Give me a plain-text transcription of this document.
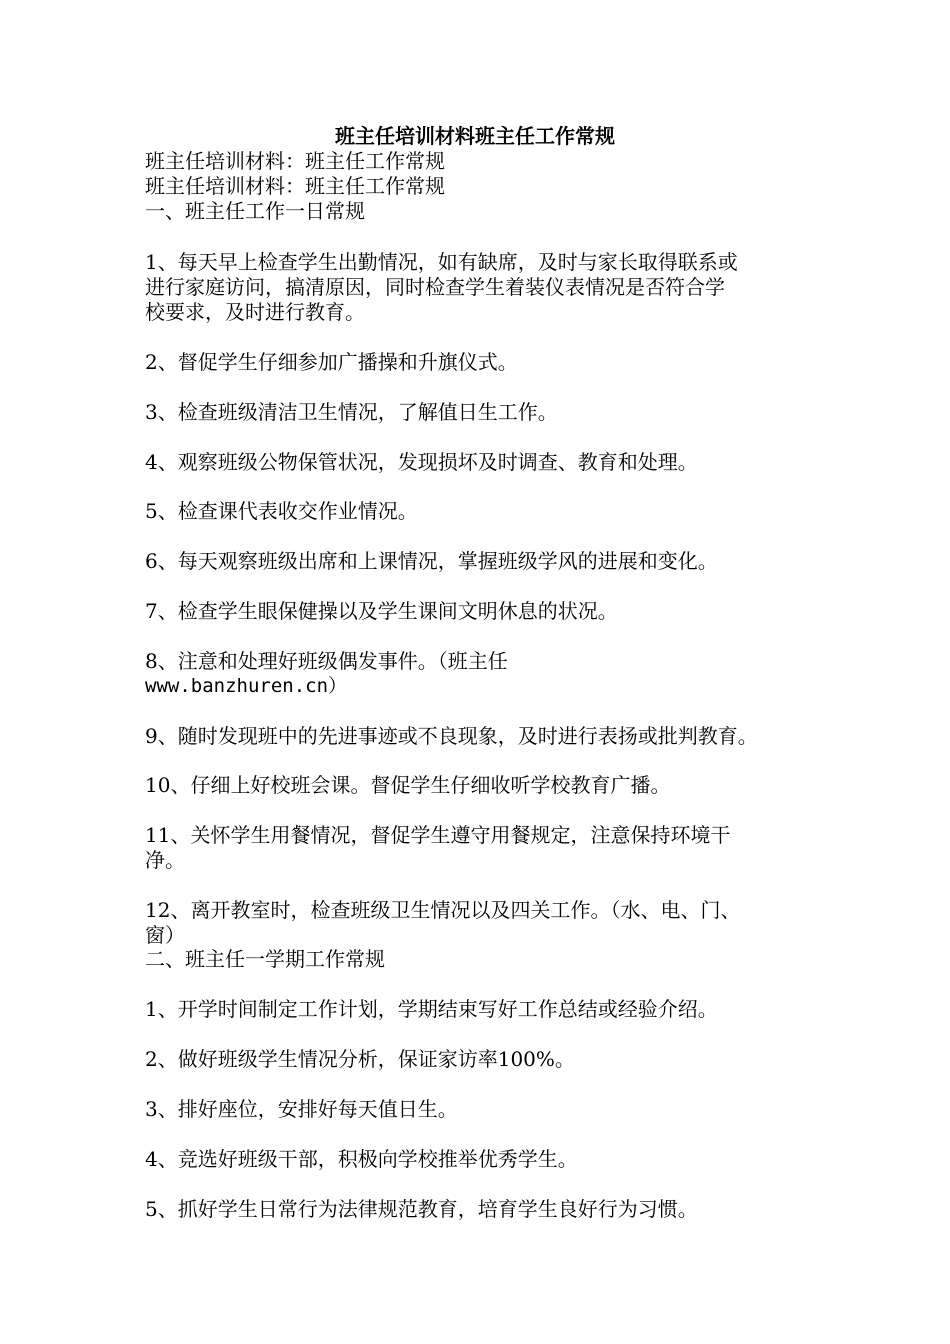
班主任培训材料班主任工作常规

班主任培训材料：班主任工作常规

班主任培训材料：班主任工作常规

一、班主任工作一日常规

1、每天早上检查学生出勤情况，如有缺席，及时与家长取得联系或

进行家庭访问，搞清原因，同时检查学生着装仪表情况是否符合学

校要求，及时进行教育。

2、督促学生仔细参加广播操和升旗仪式。

3、检查班级清洁卫生情况，了解值日生工作。

4、观察班级公物保管状况，发现损坏及时调查、教育和处理。

5、检查课代表收交作业情况。

6、每天观察班级出席和上课情况，掌握班级学风的进展和变化。

7、检查学生眼保健操以及学生课间文明休息的状况。

8、注意和处理好班级偶发事件。（班主任

www.banzhuren.cn）

9、随时发现班中的先进事迹或不良现象，及时进行表扬或批判教育。

10、仔细上好校班会课。督促学生仔细收听学校教育广播。

11、关怀学生用餐情况，督促学生遵守用餐规定，注意保持环境干

净。

12、离开教室时，检查班级卫生情况以及四关工作。（水、电、门、

窗）

二、班主任一学期工作常规

1、开学时间制定工作计划，学期结束写好工作总结或经验介绍。

2、做好班级学生情况分析，保证家访率100%。

3、排好座位，安排好每天值日生。

4、竞选好班级干部，积极向学校推举优秀学生。

5、抓好学生日常行为法律规范教育，培育学生良好行为习惯。
